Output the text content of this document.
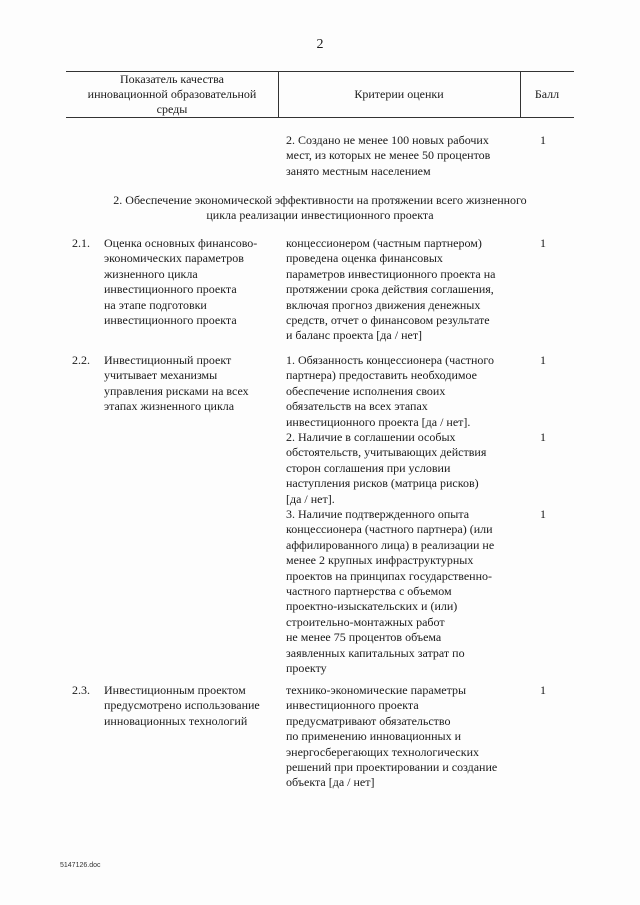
2
Показатель качества
инновационной образовательной
среды
Критерии оценки	Балл
2. Создано не менее 100 новых рабочих
мест, из которых не менее 50 процентов
занято местным населением
1
2. Обеспечение экономической эффективности на протяжении всего жизненного
цикла реализации инвестиционного проекта
2.1. Оценка основных финансово-
экономических параметров
жизненного цикла
инвестиционного проекта
на этапе подготовки
инвестиционного проекта
1
концессионером (частным партнером)
проведена оценка финансовых
параметров инвестиционного проекта на
протяжении срока действия соглашения,
включая прогноз движения денежных
средств, отчет о финансовом результате
и баланс проекта [да / нет]
2.2. Инвестиционный проект
учитывает механизмы
управления рисками на всех
этапах жизненного цикла
1
1. Обязанность концессионера (частного
партнера) предоставить необходимое
обеспечение исполнения своих
обязательств на всех этапах
инвестиционного проекта [да / нет].
1
2. Наличие в соглашении особых
обстоятельств, учитывающих действия
сторон соглашения при условии
наступления рисков (матрица рисков)
[да / нет].
1
3. Наличие подтвержденного опыта
концессионера (частного партнера) (или
аффилированного лица) в реализации не
менее 2 крупных инфраструктурных
проектов на принципах государственно-
частного партнерства с объемом
проектно-изыскательских и (или)
строительно-монтажных работ
не менее 75 процентов объема
заявленных капитальных затрат по
проекту
2.3. Инвестиционным проектом
предусмотрено использование
инновационных технологий
1
технико-экономические параметры
инвестиционного проекта
предусматривают обязательство
по применению инновационных и
энергосберегающих технологических
решений при проектировании и создание
объекта [да / нет]
5147126.doc
